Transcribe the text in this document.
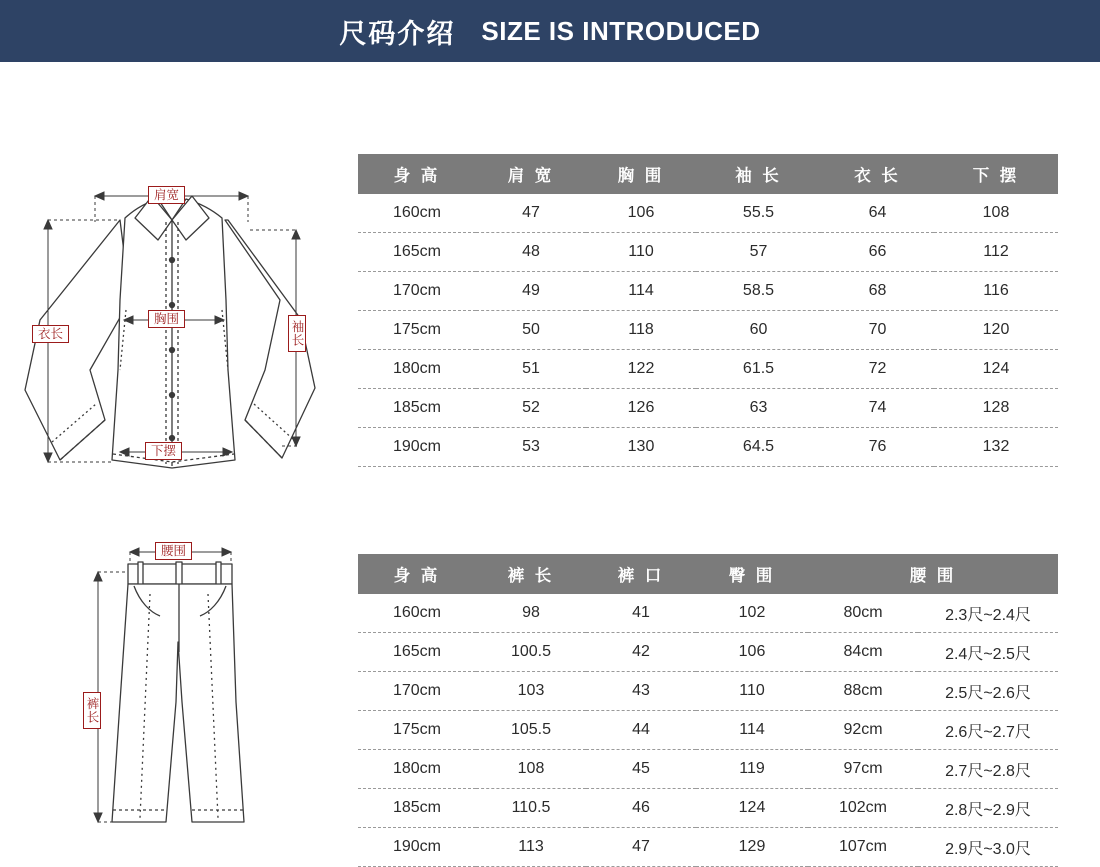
尺码介绍 SIZE IS INTRODUCED
肩宽
胸围
下摆
衣长	袖长
腰围
裤长
身 高	肩 宽	胸 围	袖 长	衣 长	下 摆
160cm	47	106	55.5	64	108
165cm	48	110	57	66	112
170cm	49	114	58.5	68	116
175cm	50	118	60	70	120
180cm	51	122	61.5	72	124
185cm	52	126	63	74	128
190cm	53	130	64.5	76	132
身 高	裤 长	裤 口	臀 围	腰 围	
160cm	98	41	102	80cm	2.3尺~2.4尺
165cm	100.5	42	106	84cm	2.4尺~2.5尺
170cm	103	43	110	88cm	2.5尺~2.6尺
175cm	105.5	44	114	92cm	2.6尺~2.7尺
180cm	108	45	119	97cm	2.7尺~2.8尺
185cm	110.5	46	124	102cm	2.8尺~2.9尺
190cm	113	47	129	107cm	2.9尺~3.0尺
